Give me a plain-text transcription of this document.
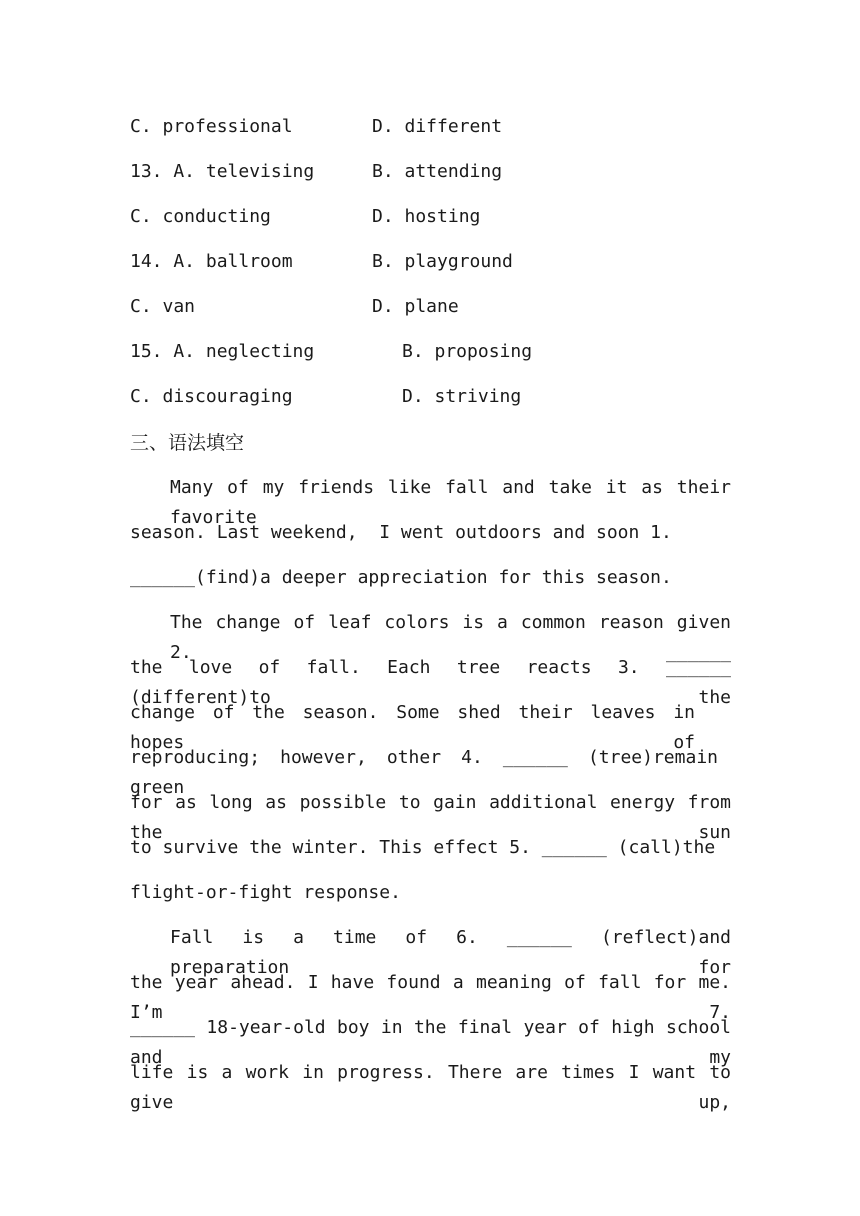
C. professional

	D. different

13. A. televising

	B. attending

C. conducting

	D. hosting

14. A. ballroom

	B. playground

C. van

	D. plane

15. A. neglecting

	B. proposing

C. discouraging

	D. striving

三、语法填空
Many of my friends like fall and take it as their favorite
season. Last weekend,  I went outdoors and soon 1.
______(find)a deeper appreciation for this season.
The change of leaf colors is a common reason given 2. ______
the love of fall. Each tree reacts 3. ______ (different)to the
change of the season. Some shed their leaves in hopes of
reproducing; however, other 4. ______ (tree)remain green
for as long as possible to gain additional energy from the sun
to survive the winter. This effect 5. ______ (call)the
flight-or-fight response.
Fall is a time of 6. ______ (reflect)and preparation for
the year ahead. I have found a meaning of fall for me. I’m 7.
______ 18-year-old boy in the final year of high school and my
life is a work in progress. There are times I want to give up,
